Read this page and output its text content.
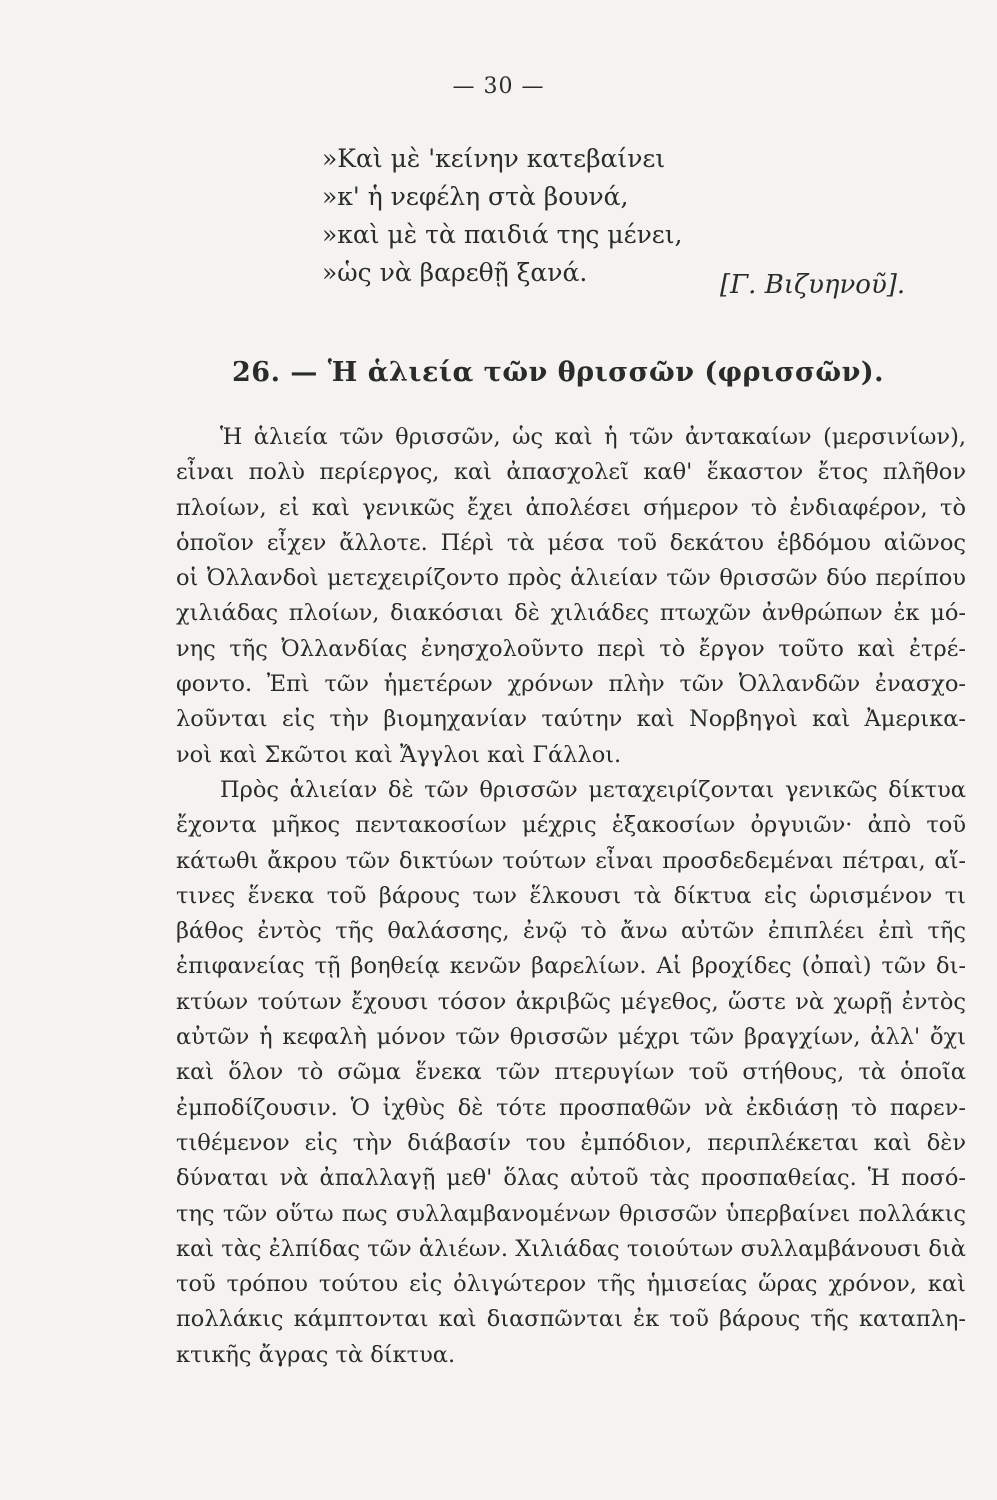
— 30 —
»Καὶ μὲ 'κείνην κατεβαίνει
»κ' ἡ νεφέλη στὰ βουνά,
»καὶ μὲ τὰ παιδιά της μένει,
»ὡς νὰ βαρεθῇ ξανά.	[Γ. Βιζυηνοῦ].
26. — Ἡ ἁλιεία τῶν θρισσῶν (φρισσῶν).
Ἡ ἁλιεία τῶν θρισσῶν, ὡς καὶ ἡ τῶν ἀντακαίων (μερσινίων),
εἶναι πολὺ περίεργος, καὶ ἀπασχολεῖ καθ' ἕκαστον ἔτος πλῆθον
πλοίων, εἰ καὶ γενικῶς ἔχει ἀπολέσει σήμερον τὸ ἐνδιαφέρον, τὸ
ὁποῖον εἶχεν ἄλλοτε. Πέρὶ τὰ μέσα τοῦ δεκάτου ἑβδόμου αἰῶνος
οἱ Ὀλλανδοὶ μετεχειρίζοντο πρὸς ἁλιείαν τῶν θρισσῶν δύο περίπου
χιλιάδας πλοίων, διακόσιαι δὲ χιλιάδες πτωχῶν ἀνθρώπων ἐκ μό-
νης τῆς Ὀλλανδίας ἐνησχολοῦντο περὶ τὸ ἔργον τοῦτο καὶ ἐτρέ-
φοντο. Ἐπὶ τῶν ἡμετέρων χρόνων πλὴν τῶν Ὀλλανδῶν ἐνασχο-
λοῦνται εἰς τὴν βιομηχανίαν ταύτην καὶ Νορβηγοὶ καὶ Ἀμερικα-
νοὶ καὶ Σκῶτοι καὶ Ἄγγλοι καὶ Γάλλοι.
Πρὸς ἁλιείαν δὲ τῶν θρισσῶν μεταχειρίζονται γενικῶς δίκτυα
ἔχοντα μῆκος πεντακοσίων μέχρις ἑξακοσίων ὀργυιῶν· ἀπὸ τοῦ
κάτωθι ἄκρου τῶν δικτύων τούτων εἶναι προσδεδεμέναι πέτραι, αἵ-
τινες ἕνεκα τοῦ βάρους των ἕλκουσι τὰ δίκτυα εἰς ὡρισμένον τι
βάθος ἐντὸς τῆς θαλάσσης, ἐνῷ τὸ ἄνω αὐτῶν ἐπιπλέει ἐπὶ τῆς
ἐπιφανείας τῇ βοηθείᾳ κενῶν βαρελίων. Αἱ βροχίδες (ὀπαὶ) τῶν δι-
κτύων τούτων ἔχουσι τόσον ἀκριβῶς μέγεθος, ὥστε νὰ χωρῇ ἐντὸς
αὐτῶν ἡ κεφαλὴ μόνον τῶν θρισσῶν μέχρι τῶν βραγχίων, ἀλλ' ὄχι
καὶ ὅλον τὸ σῶμα ἕνεκα τῶν πτερυγίων τοῦ στήθους, τὰ ὁποῖα
ἐμποδίζουσιν. Ὁ ἰχθὺς δὲ τότε προσπαθῶν νὰ ἐκδιάσῃ τὸ παρεν-
τιθέμενον εἰς τὴν διάβασίν του ἐμπόδιον, περιπλέκεται καὶ δὲν
δύναται νὰ ἀπαλλαγῇ μεθ' ὅλας αὐτοῦ τὰς προσπαθείας. Ἡ ποσό-
της τῶν οὕτω πως συλλαμβανομένων θρισσῶν ὑπερβαίνει πολλάκις
καὶ τὰς ἐλπίδας τῶν ἁλιέων. Χιλιάδας τοιούτων συλλαμβάνουσι διὰ
τοῦ τρόπου τούτου εἰς ὀλιγώτερον τῆς ἡμισείας ὥρας χρόνον, καὶ
πολλάκις κάμπτονται καὶ διασπῶνται ἐκ τοῦ βάρους τῆς καταπλη-
κτικῆς ἄγρας τὰ δίκτυα.
